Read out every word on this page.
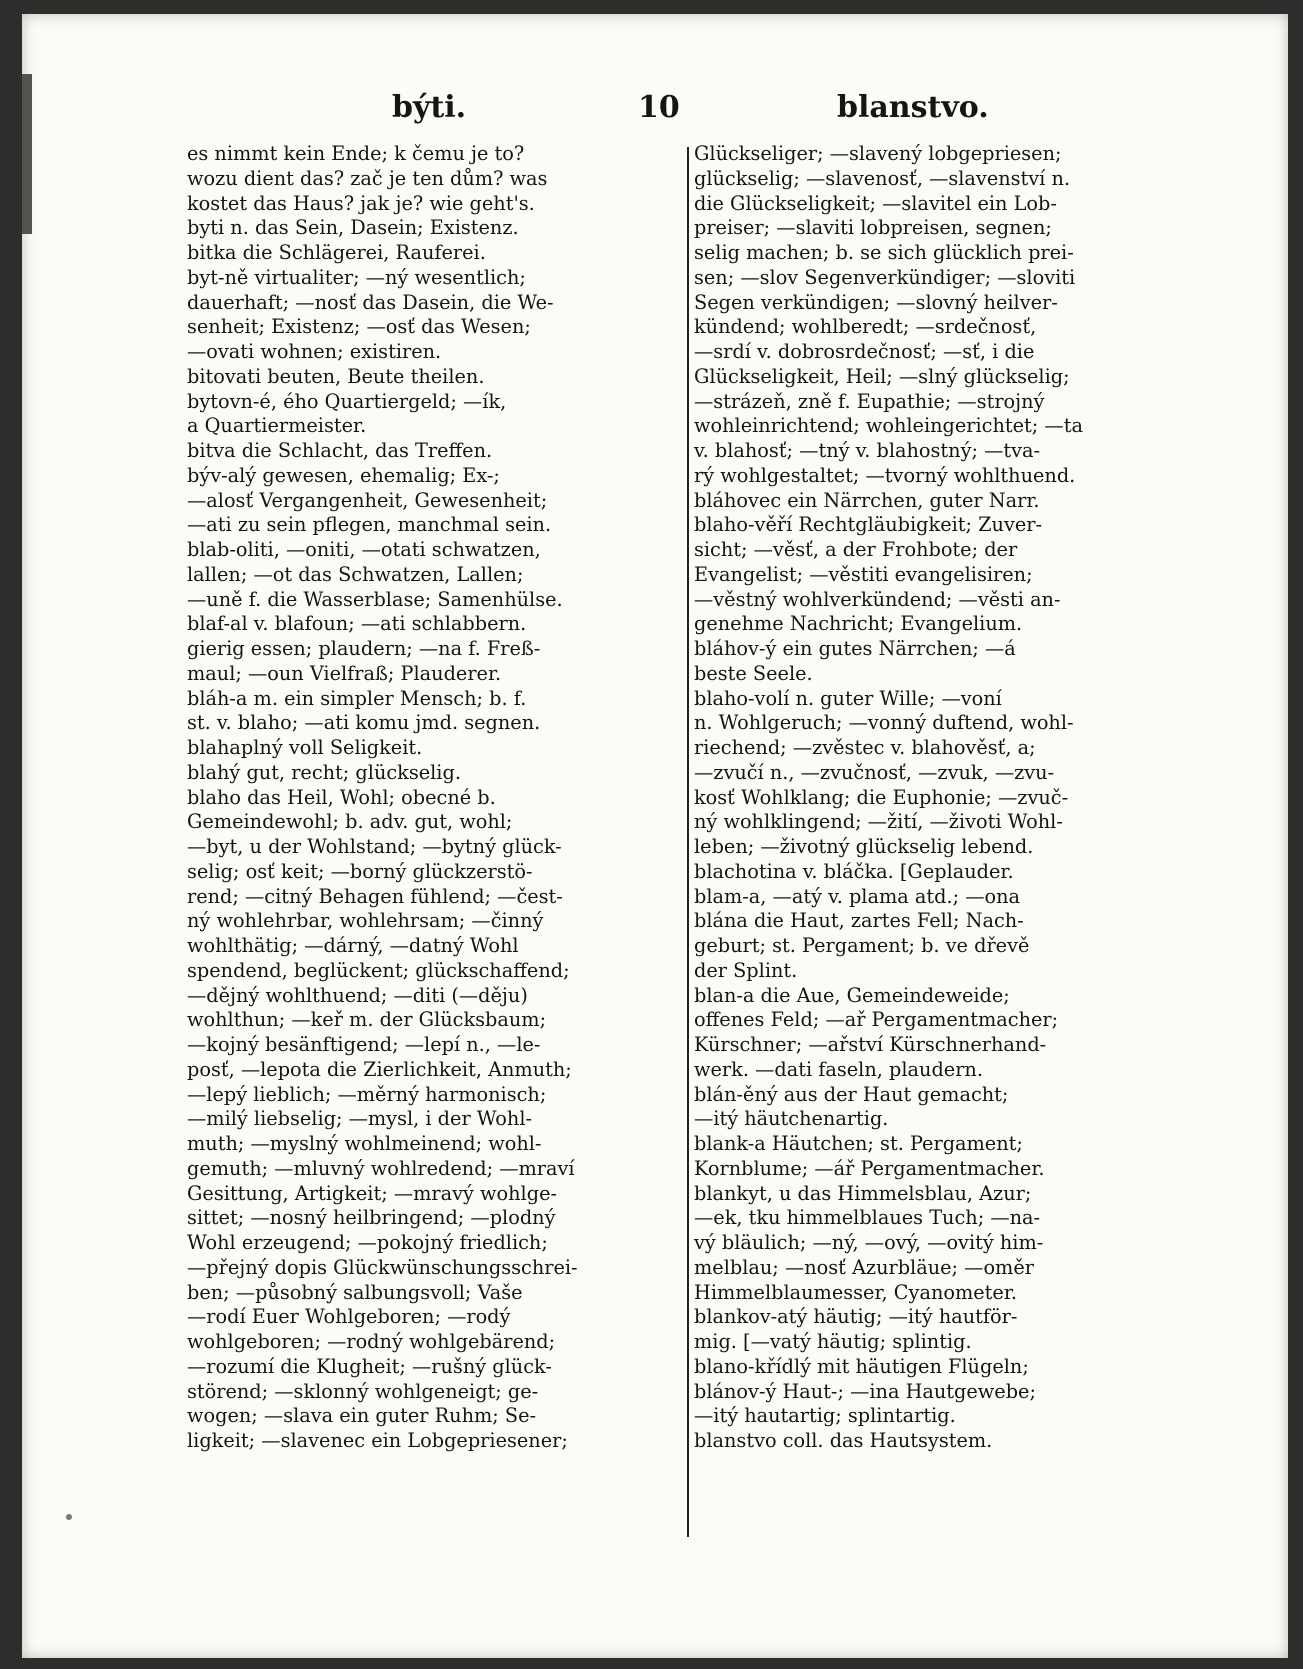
býti.	10	blanstvo.
es nimmt kein Ende; k čemu je to?
wozu dient das? zač je ten dům? was
kostet das Haus? jak je? wie geht's.
byti n. das Sein, Dasein; Existenz.
bitka die Schlägerei, Rauferei.
byt-ně virtualiter; —ný wesentlich;
dauerhaft; —nosť das Dasein, die We-
senheit; Existenz; —osť das Wesen;
—ovati wohnen; existiren.
bitovati beuten, Beute theilen.
bytovn-é, ého Quartiergeld; —ík,
a Quartiermeister.
bitva die Schlacht, das Treffen.
býv-alý gewesen, ehemalig; Ex-;
—alosť Vergangenheit, Gewesenheit;
—ati zu sein pflegen, manchmal sein.
blab-oliti, —oniti, —otati schwatzen,
lallen; —ot das Schwatzen, Lallen;
—uně f. die Wasserblase; Samenhülse.
blaf-al v. blafoun; —ati schlabbern.
gierig essen; plaudern; —na f. Freß-
maul; —oun Vielfraß; Plauderer.
bláh-a m. ein simpler Mensch; b. f.
st. v. blaho; —ati komu jmd. segnen.
blahaplný voll Seligkeit.
blahý gut, recht; glückselig.
blaho das Heil, Wohl; obecné b.
Gemeindewohl; b. adv. gut, wohl;
—byt, u der Wohlstand; —bytný glück-
selig; osť keit; —borný glückzerstö-
rend; —citný Behagen fühlend; —čest-
ný wohlehrbar, wohlehrsam; —činný
wohlthätig; —dárný, —datný Wohl
spendend, beglückent; glückschaffend;
—dějný wohlthuend; —diti (—děju)
wohlthun; —keř m. der Glücksbaum;
—kojný besänftigend; —lepí n., —le-
posť, —lepota die Zierlichkeit, Anmuth;
—lepý lieblich; —měrný harmonisch;
—milý liebselig; —mysl, i der Wohl-
muth; —myslný wohlmeinend; wohl-
gemuth; —mluvný wohlredend; —mraví
Gesittung, Artigkeit; —mravý wohlge-
sittet; —nosný heilbringend; —plodný
Wohl erzeugend; —pokojný friedlich;
—přejný dopis Glückwünschungsschrei-
ben; —působný salbungsvoll; Vaše
—rodí Euer Wohlgeboren; —rodý
wohlgeboren; —rodný wohlgebärend;
—rozumí die Klugheit; —rušný glück-
störend; —sklonný wohlgeneigt; ge-
wogen; —slava ein guter Ruhm; Se-
ligkeit; —slavenec ein Lobgepriesener;
Glückseliger; —slavený lobgepriesen;
glückselig; —slavenosť, —slavenství n.
die Glückseligkeit; —slavitel ein Lob-
preiser; —slaviti lobpreisen, segnen;
selig machen; b. se sich glücklich prei-
sen; —slov Segenverkündiger; —sloviti
Segen verkündigen; —slovný heilver-
kündend; wohlberedt; —srdečnosť,
—srdí v. dobrosrdečnosť; —sť, i die
Glückseligkeit, Heil; —slný glückselig;
—strázeň, zně f. Eupathie; —strojný
wohleinrichtend; wohleingerichtet; —ta
v. blahosť; —tný v. blahostný; —tva-
rý wohlgestaltet; —tvorný wohlthuend.
bláhovec ein Närrchen, guter Narr.
blaho-věří Rechtgläubigkeit; Zuver-
sicht; —věsť, a der Frohbote; der
Evangelist; —věstiti evangelisiren;
—věstný wohlverkündend; —věsti an-
genehme Nachricht; Evangelium.
bláhov-ý ein gutes Närrchen; —á
beste Seele.
blaho-volí n. guter Wille; —voní
n. Wohlgeruch; —vonný duftend, wohl-
riechend; —zvěstec v. blahověsť, a;
—zvučí n., —zvučnosť, —zvuk, —zvu-
kosť Wohlklang; die Euphonie; —zvuč-
ný wohlklingend; —žití, —životi Wohl-
leben; —životný glückselig lebend.
blachotina v. bláčka. [Geplauder.
blam-a, —atý v. plama atd.; —ona
blána die Haut, zartes Fell; Nach-
geburt; st. Pergament; b. ve dřevě
der Splint.
blan-a die Aue, Gemeindeweide;
offenes Feld; —ař Pergamentmacher;
Kürschner; —ařství Kürschnerhand-
werk. —dati faseln, plaudern.
blán-ěný aus der Haut gemacht;
—itý häutchenartig.
blank-a Häutchen; st. Pergament;
Kornblume; —ář Pergamentmacher.
blankyt, u das Himmelsblau, Azur;
—ek, tku himmelblaues Tuch; —na-
vý bläulich; —ný, —ový, —ovitý him-
melblau; —nosť Azurbläue; —oměr
Himmelblaumesser, Cyanometer.
blankov-atý häutig; —itý hautför-
mig. [—vatý häutig; splintig.
blano-křídlý mit häutigen Flügeln;
blánov-ý Haut-; —ina Hautgewebe;
—itý hautartig; splintartig.
blanstvo coll. das Hautsystem.
